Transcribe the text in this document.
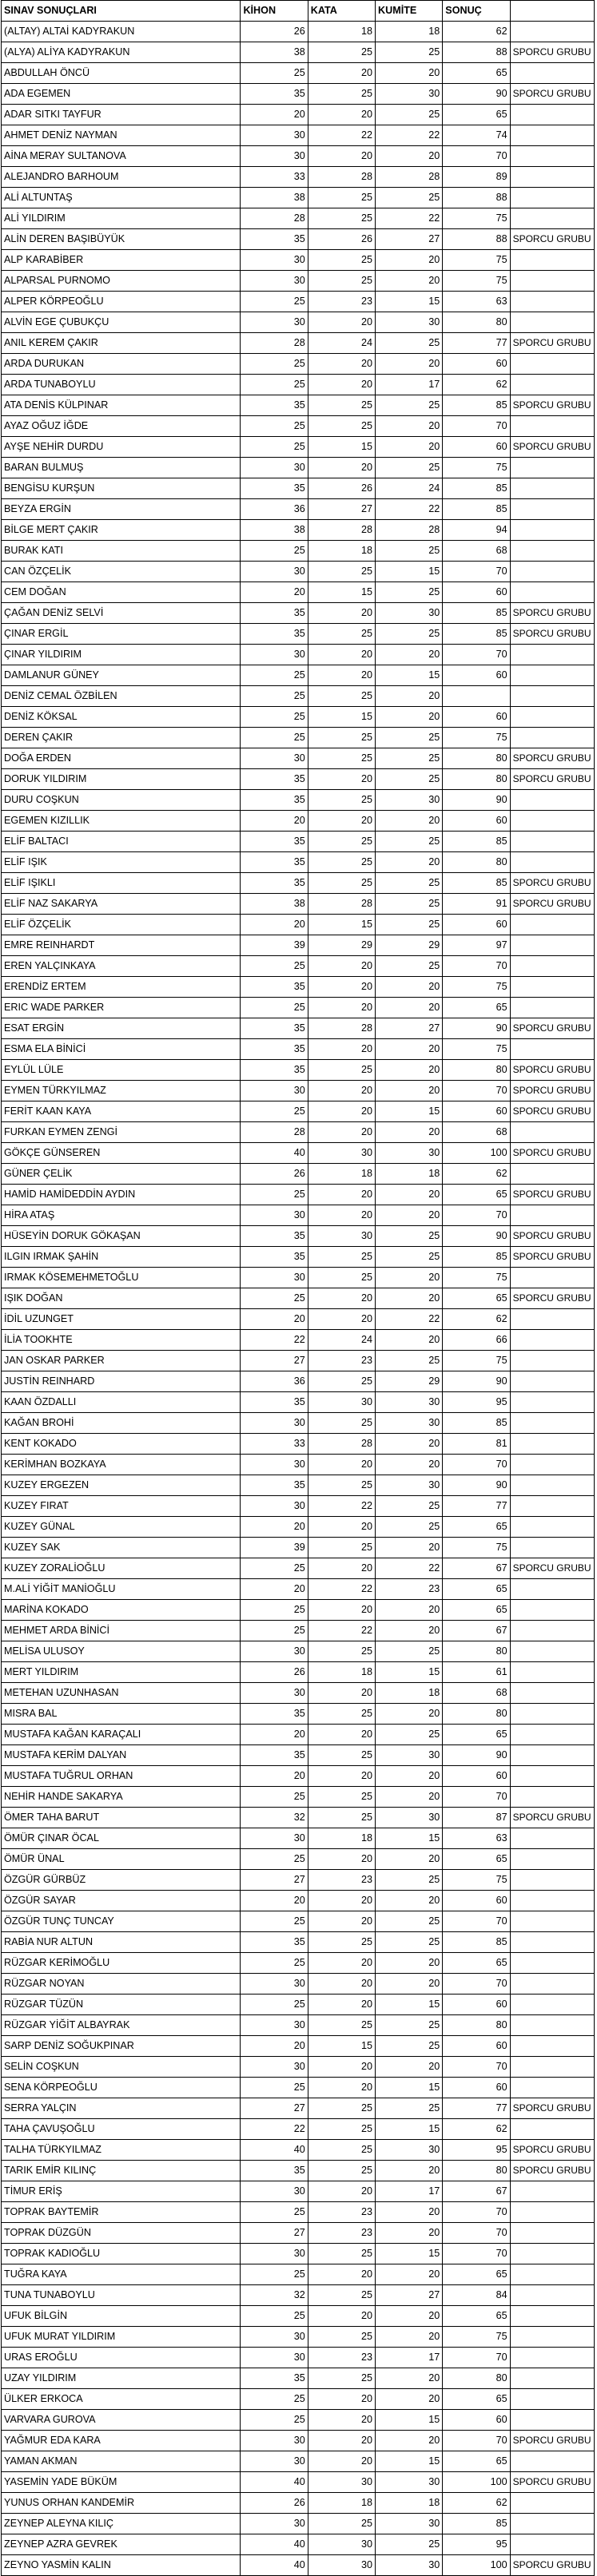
SINAV SONUÇLARI	KİHON	KATA	KUMİTE	SONUÇ	
(ALTAY) ALTAİ KADYRAKUN	26	18	18	62	
(ALYA) ALİYA KADYRAKUN	38	25	25	88	SPORCU GRUBU
ABDULLAH ÖNCÜ	25	20	20	65	
ADA EGEMEN	35	25	30	90	SPORCU GRUBU
ADAR SITKI TAYFUR	20	20	25	65	
AHMET DENİZ NAYMAN	30	22	22	74	
AİNA MERAY SULTANOVA	30	20	20	70	
ALEJANDRO BARHOUM	33	28	28	89	
ALİ ALTUNTAŞ	38	25	25	88	
ALİ YILDIRIM	28	25	22	75	
ALİN DEREN BAŞIBÜYÜK	35	26	27	88	SPORCU GRUBU
ALP KARABİBER	30	25	20	75	
ALPARSAL PURNOMO	30	25	20	75	
ALPER KÖRPEOĞLU	25	23	15	63	
ALVİN EGE ÇUBUKÇU	30	20	30	80	
ANIL KEREM ÇAKIR	28	24	25	77	SPORCU GRUBU
ARDA DURUKAN	25	20	20	60	
ARDA TUNABOYLU	25	20	17	62	
ATA DENİS KÜLPINAR	35	25	25	85	SPORCU GRUBU
AYAZ OĞUZ İĞDE	25	25	20	70	
AYŞE NEHİR DURDU	25	15	20	60	SPORCU GRUBU
BARAN BULMUŞ	30	20	25	75	
BENGİSU KURŞUN	35	26	24	85	
BEYZA ERGİN	36	27	22	85	
BİLGE MERT ÇAKIR	38	28	28	94	
BURAK KATI	25	18	25	68	
CAN ÖZÇELİK	30	25	15	70	
CEM DOĞAN	20	15	25	60	
ÇAĞAN DENİZ SELVİ	35	20	30	85	SPORCU GRUBU
ÇINAR ERGİL	35	25	25	85	SPORCU GRUBU
ÇINAR YILDIRIM	30	20	20	70	
DAMLANUR GÜNEY	25	20	15	60	
DENİZ CEMAL ÖZBİLEN	25	25	20		
DENİZ KÖKSAL	25	15	20	60	
DEREN ÇAKIR	25	25	25	75	
DOĞA ERDEN	30	25	25	80	SPORCU GRUBU
DORUK YILDIRIM	35	20	25	80	SPORCU GRUBU
DURU COŞKUN	35	25	30	90	
EGEMEN KIZILLIK	20	20	20	60	
ELİF BALTACI	35	25	25	85	
ELİF IŞIK	35	25	20	80	
ELİF IŞIKLI	35	25	25	85	SPORCU GRUBU
ELİF NAZ SAKARYA	38	28	25	91	SPORCU GRUBU
ELİF ÖZÇELİK	20	15	25	60	
EMRE REINHARDT	39	29	29	97	
EREN YALÇINKAYA	25	20	25	70	
ERENDİZ ERTEM	35	20	20	75	
ERIC WADE PARKER	25	20	20	65	
ESAT ERGİN	35	28	27	90	SPORCU GRUBU
ESMA ELA BİNİCİ	35	20	20	75	
EYLÜL LÜLE	35	25	20	80	SPORCU GRUBU
EYMEN TÜRKYILMAZ	30	20	20	70	SPORCU GRUBU
FERİT KAAN KAYA	25	20	15	60	SPORCU GRUBU
FURKAN EYMEN ZENGİ	28	20	20	68	
GÖKÇE GÜNSEREN	40	30	30	100	SPORCU GRUBU
GÜNER ÇELİK	26	18	18	62	
HAMİD HAMİDEDDİN AYDIN	25	20	20	65	SPORCU GRUBU
HİRA ATAŞ	30	20	20	70	
HÜSEYİN DORUK GÖKAŞAN	35	30	25	90	SPORCU GRUBU
ILGIN IRMAK ŞAHİN	35	25	25	85	SPORCU GRUBU
IRMAK KÖSEMEHMETOĞLU	30	25	20	75	
IŞIK DOĞAN	25	20	20	65	SPORCU GRUBU
İDİL UZUNGET	20	20	22	62	
İLİA TOOKHTE	22	24	20	66	
JAN OSKAR PARKER	27	23	25	75	
JUSTİN REINHARD	36	25	29	90	
KAAN ÖZDALLI	35	30	30	95	
KAĞAN BROHİ	30	25	30	85	
KENT KOKADO	33	28	20	81	
KERİMHAN BOZKAYA	30	20	20	70	
KUZEY ERGEZEN	35	25	30	90	
KUZEY FIRAT	30	22	25	77	
KUZEY GÜNAL	20	20	25	65	
KUZEY SAK	39	25	20	75	
KUZEY ZORALİOĞLU	25	20	22	67	SPORCU GRUBU
M.ALİ YİĞİT MANİOĞLU	20	22	23	65	
MARİNA KOKADO	25	20	20	65	
MEHMET ARDA BİNİCİ	25	22	20	67	
MELİSA ULUSOY	30	25	25	80	
MERT YILDIRIM	26	18	15	61	
METEHAN UZUNHASAN	30	20	18	68	
MISRA BAL	35	25	20	80	
MUSTAFA KAĞAN KARAÇALI	20	20	25	65	
MUSTAFA KERİM DALYAN	35	25	30	90	
MUSTAFA TUĞRUL ORHAN	20	20	20	60	
NEHİR HANDE SAKARYA	25	25	20	70	
ÖMER TAHA BARUT	32	25	30	87	SPORCU GRUBU
ÖMÜR ÇINAR ÖCAL	30	18	15	63	
ÖMÜR ÜNAL	25	20	20	65	
ÖZGÜR GÜRBÜZ	27	23	25	75	
ÖZGÜR SAYAR	20	20	20	60	
ÖZGÜR TUNÇ TUNCAY	25	20	25	70	
RABİA NUR ALTUN	35	25	25	85	
RÜZGAR KERİMOĞLU	25	20	20	65	
RÜZGAR NOYAN	30	20	20	70	
RÜZGAR TÜZÜN	25	20	15	60	
RÜZGAR YİĞİT ALBAYRAK	30	25	25	80	
SARP DENİZ SOĞUKPINAR	20	15	25	60	
SELİN COŞKUN	30	20	20	70	
SENA KÖRPEOĞLU	25	20	15	60	
SERRA YALÇIN	27	25	25	77	SPORCU GRUBU
TAHA ÇAVUŞOĞLU	22	25	15	62	
TALHA TÜRKYILMAZ	40	25	30	95	SPORCU GRUBU
TARIK EMİR KILINÇ	35	25	20	80	SPORCU GRUBU
TİMUR ERİŞ	30	20	17	67	
TOPRAK BAYTEMİR	25	23	20	70	
TOPRAK DÜZGÜN	27	23	20	70	
TOPRAK KADIOĞLU	30	25	15	70	
TUĞRA KAYA	25	20	20	65	
TUNA TUNABOYLU	32	25	27	84	
UFUK BİLGİN	25	20	20	65	
UFUK MURAT YILDIRIM	30	25	20	75	
URAS EROĞLU	30	23	17	70	
UZAY YILDIRIM	35	25	20	80	
ÜLKER ERKOCA	25	20	20	65	
VARVARA GUROVA	25	20	15	60	
YAĞMUR EDA KARA	30	20	20	70	SPORCU GRUBU
YAMAN AKMAN	30	20	15	65	
YASEMİN YADE BÜKÜM	40	30	30	100	SPORCU GRUBU
YUNUS ORHAN KANDEMİR	26	18	18	62	
ZEYNEP ALEYNA KILIÇ	30	25	30	85	
ZEYNEP AZRA GEVREK	40	30	25	95	
ZEYNO YASMİN KALIN	40	30	30	100	SPORCU GRUBU
